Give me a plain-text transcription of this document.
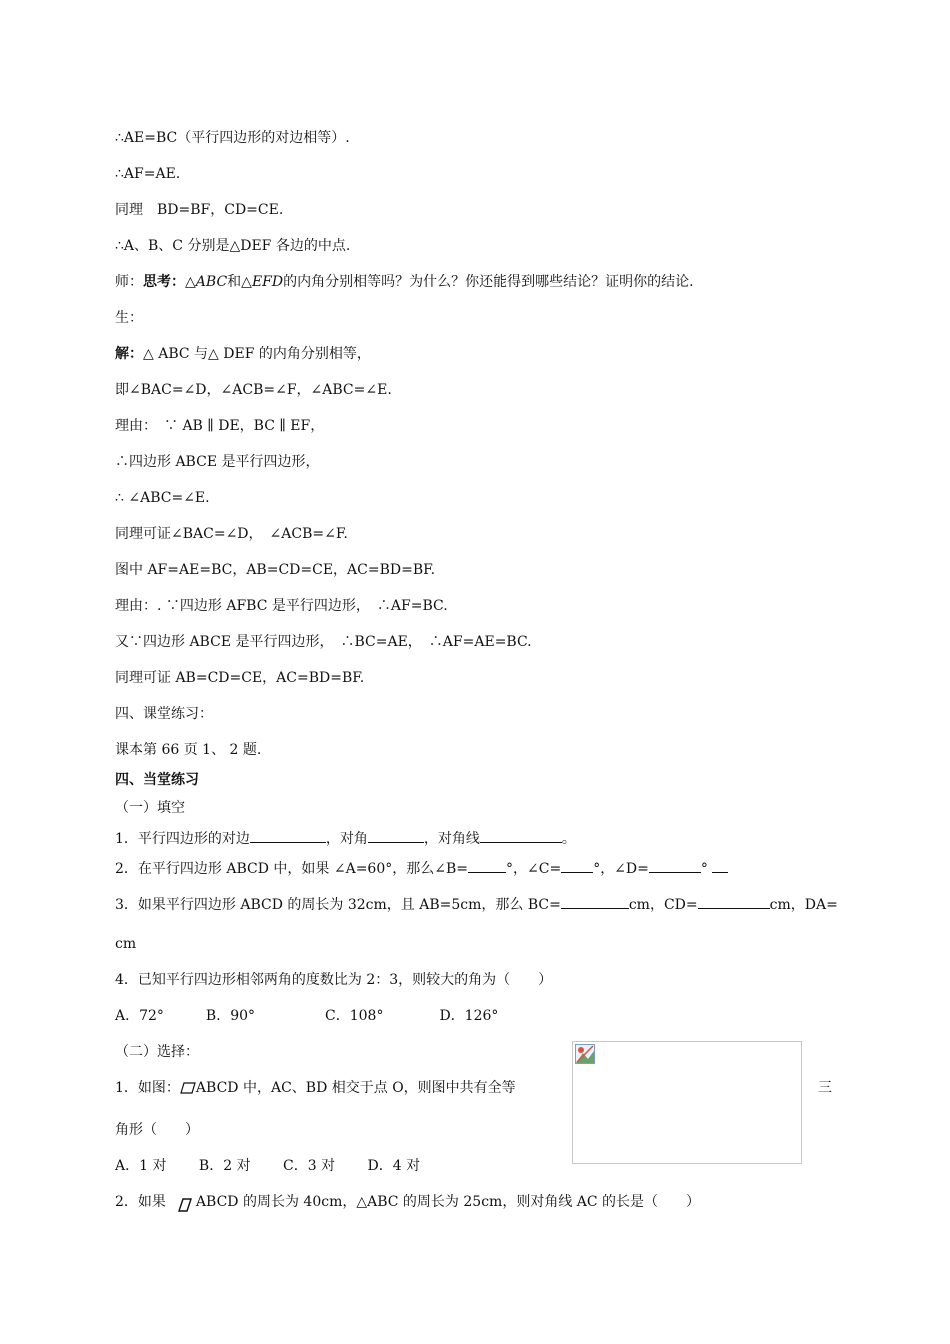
∴AE=BC（平行四边形的对边相等）.
∴AF=AE.
同理　BD=BF，CD=CE.
∴A、B、C 分别是△DEF 各边的中点.
师：思考：△ABC和△EFD的内角分别相等吗？为什么？你还能得到哪些结论？证明你的结论.
生：
解：△ ABC 与△ DEF 的内角分别相等，
即∠BAC=∠D，∠ACB=∠F，∠ABC=∠E.
理由：　∵ AB ∥ DE，BC ∥ EF，
∴四边形 ABCE 是平行四边形，
∴ ∠ABC=∠E.
同理可证∠BAC=∠D，　∠ACB=∠F.
图中 AF=AE=BC，AB=CD=CE，AC=BD=BF.
理由：. ∵四边形 AFBC 是平行四边形，　∴AF=BC.
又∵四边形 ABCE 是平行四边形，　∴BC=AE，　∴AF=AE=BC.
同理可证 AB=CD=CE，AC=BD=BF.
四、课堂练习：
课本第 66 页 1、 2 题.
四、当堂练习
（一）填空
1．平行四边形的对边	，对角	，对角线	。
2．在平行四边形 ABCD 中，如果 ∠A=60°，那么∠B=	°，∠C= °，∠D=	°
3．如果平行四边形 ABCD 的周长为 32cm，且 AB=5cm，那么 BC=	cm，CD=	cm，DA=
cm
4．已知平行四边形相邻两角的度数比为 2：3，则较大的角为（　　）
A．72°　　　B．90°　　　　　C．108°　　　　D．126°
（二）选择：
1．如图： ABCD 中，AC、BD 相交于点 O，则图中共有全等	三
角形（　　）
A．1 对　　 B．2 对　　 C．3 对　　 D．4 对
2．如果 ABCD 的周长为 40cm，△ABC 的周长为 25cm，则对角线 AC 的长是（　　）
